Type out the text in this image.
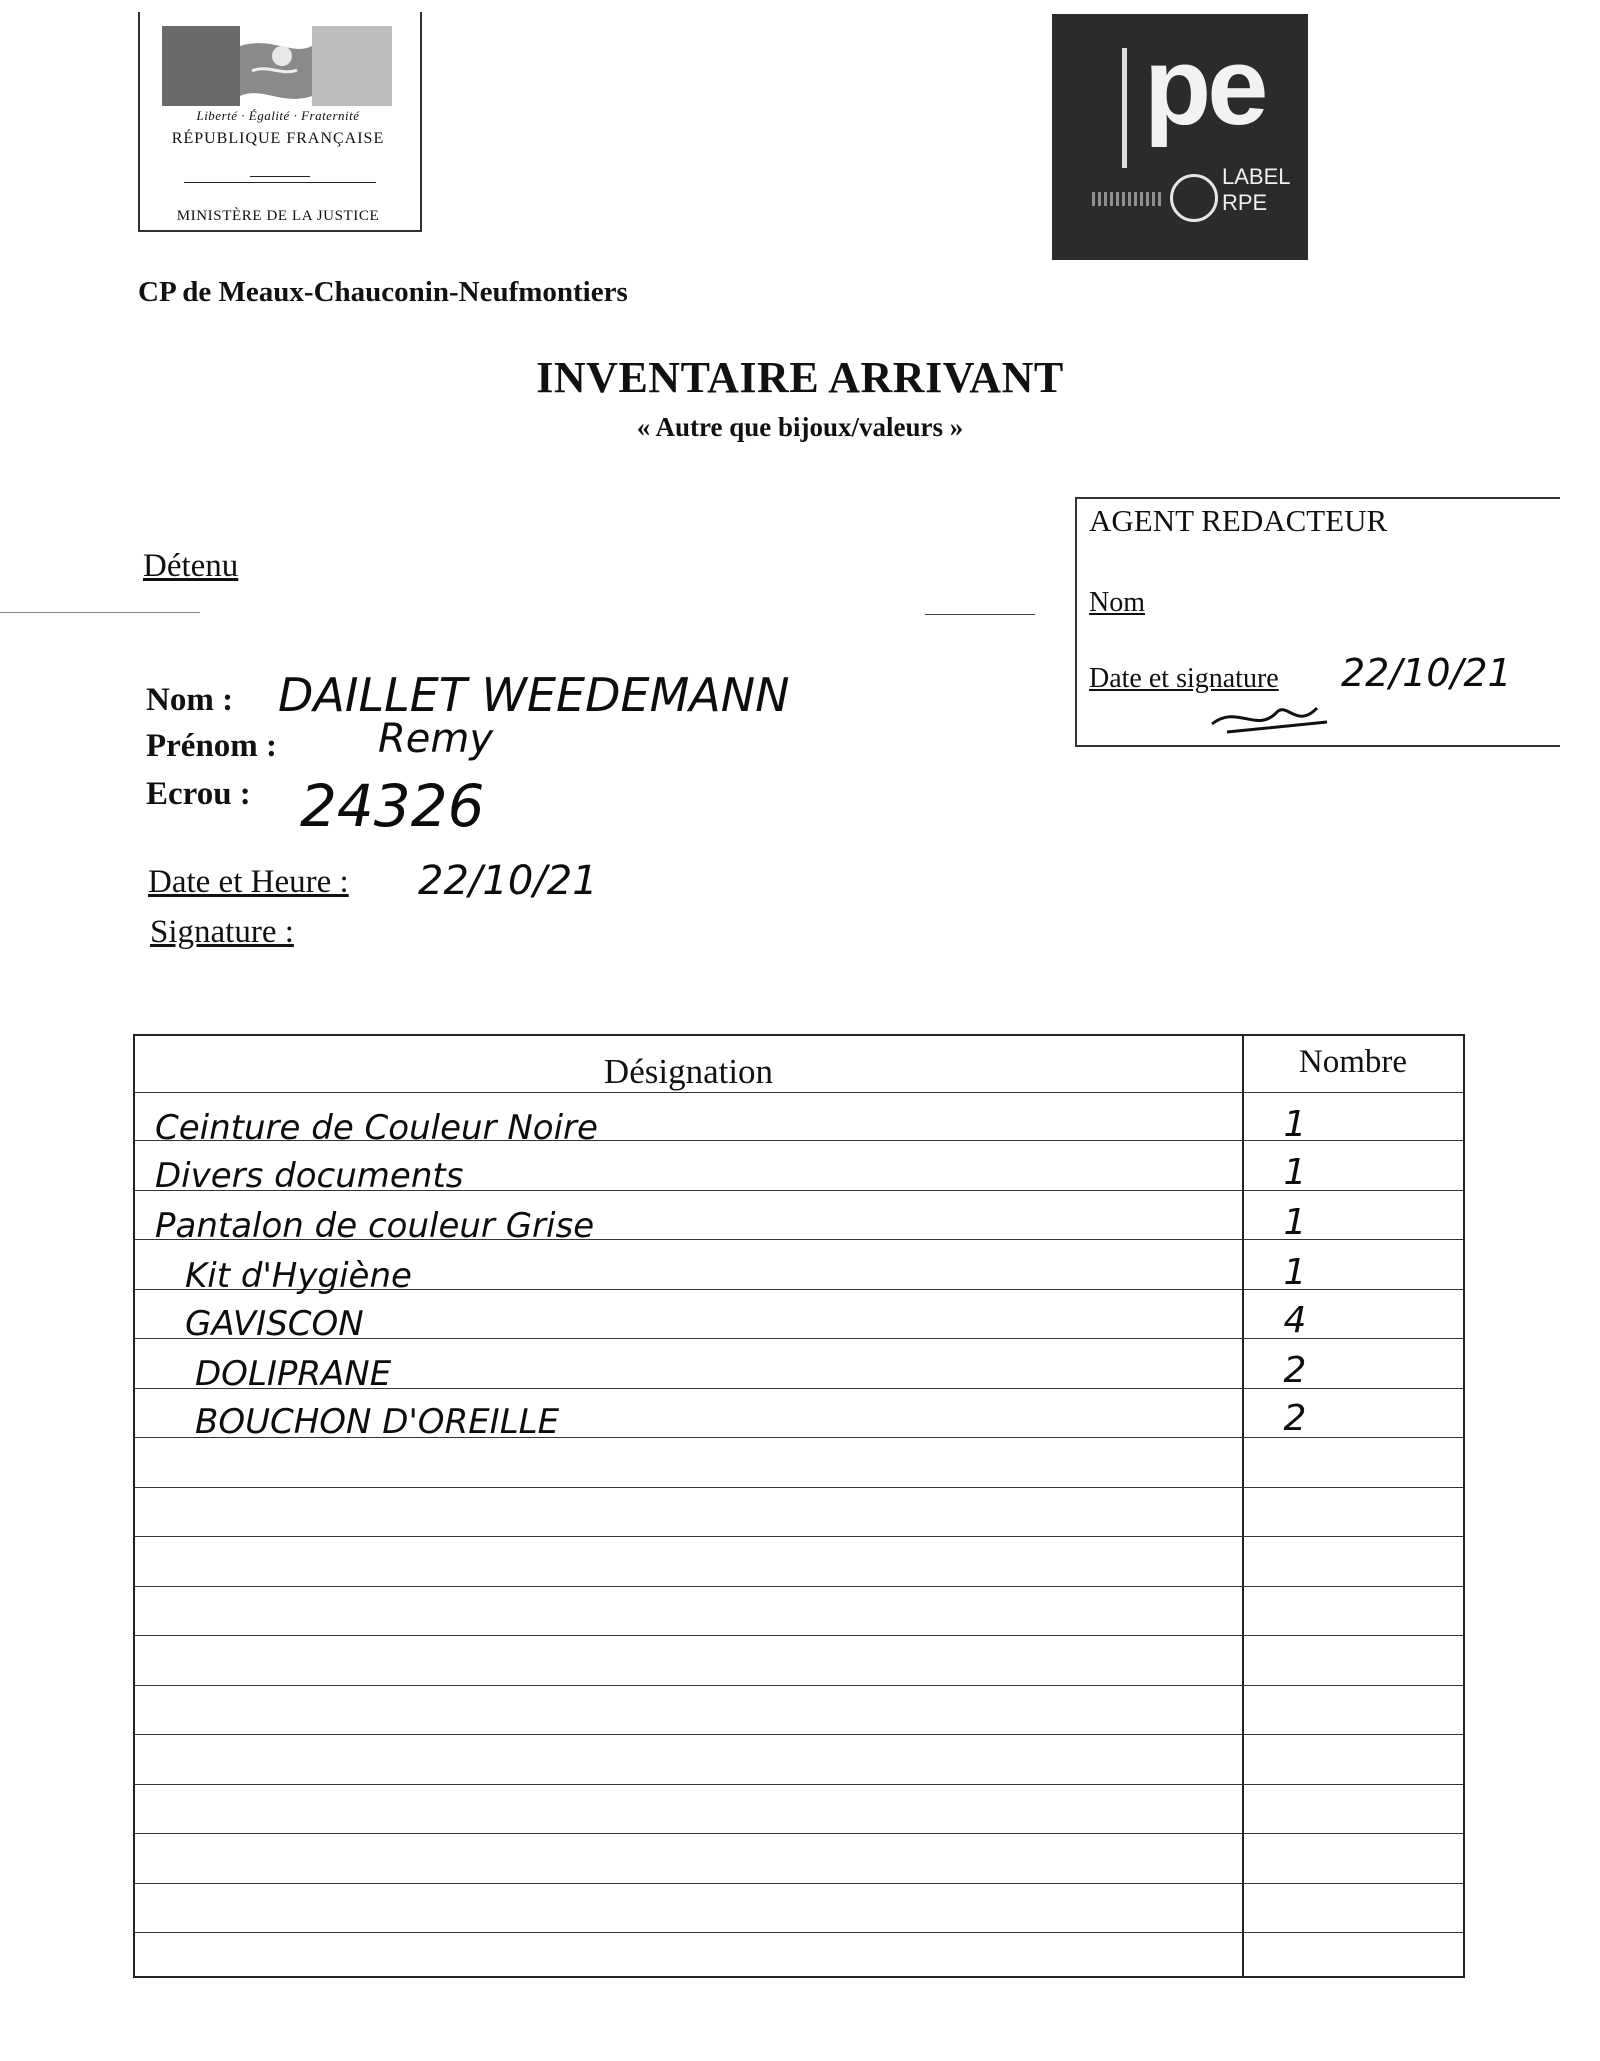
Liberté · Égalité · Fraternité
RÉPUBLIQUE FRANÇAISE
MINISTÈRE DE LA JUSTICE
pe
LABEL
RPE
CP de Meaux-Chauconin-Neufmontiers
INVENTAIRE ARRIVANT
« Autre que bijoux/valeurs »
AGENT REDACTEUR
Nom
Date et signature 22/10/21
Détenu
Nom : DAILLET WEEDEMANN
Prénom :	Remy
Ecrou : 24326
Date et Heure : 22/10/21
Signature :
Désignation	Nombre
Ceinture de Couleur Noire	1
Divers documents	1
Pantalon de couleur Grise	1
Kit d'Hygiène	1
GAVISCON	4
DOLIPRANE	2
BOUCHON D'OREILLE	2
